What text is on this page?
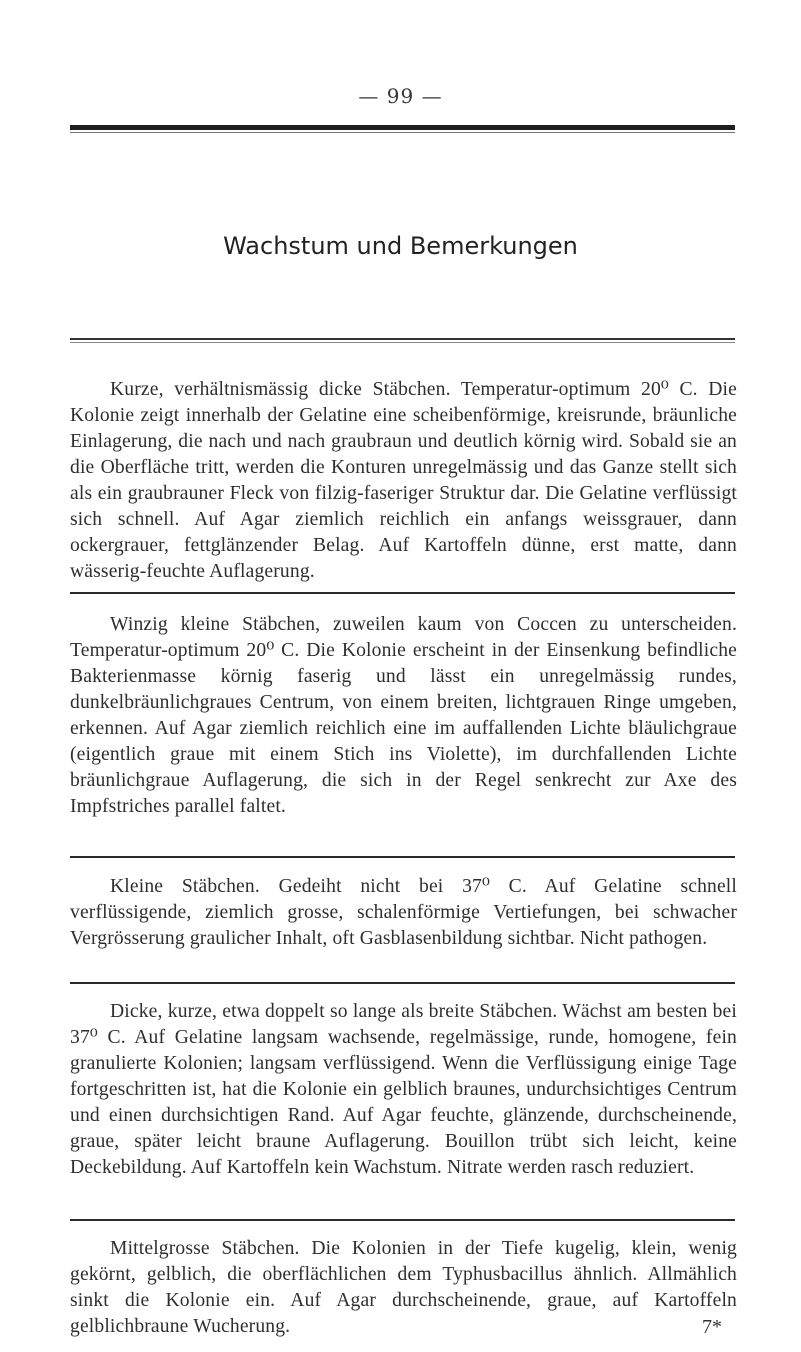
— 99 —
Wachstum und Bemerkungen
Kurze, verhältnismässig dicke Stäbchen. Temperatur-optimum 20⁰ C. Die Kolonie zeigt innerhalb der Gelatine eine scheibenförmige, kreisrunde, bräunliche Einlagerung, die nach und nach graubraun und deutlich körnig wird. Sobald sie an die Oberfläche tritt, werden die Konturen unregelmässig und das Ganze stellt sich als ein graubrauner Fleck von filzig-faseriger Struktur dar. Die Gelatine verflüssigt sich schnell. Auf Agar ziemlich reichlich ein anfangs weissgrauer, dann ockergrauer, fettglänzender Belag. Auf Kartoffeln dünne, erst matte, dann wässerig-feuchte Auflagerung.
Winzig kleine Stäbchen, zuweilen kaum von Coccen zu unterscheiden. Temperatur-optimum 20⁰ C. Die Kolonie erscheint in der Einsenkung befindliche Bakterienmasse körnig faserig und lässt ein unregelmässig rundes, dunkelbräunlichgraues Centrum, von einem breiten, lichtgrauen Ringe umgeben, erkennen. Auf Agar ziemlich reichlich eine im auffallenden Lichte bläulichgraue (eigentlich graue mit einem Stich ins Violette), im durchfallenden Lichte bräunlichgraue Auflagerung, die sich in der Regel senkrecht zur Axe des Impfstriches parallel faltet.
Kleine Stäbchen. Gedeiht nicht bei 37⁰ C. Auf Gelatine schnell verflüssigende, ziemlich grosse, schalenförmige Vertiefungen, bei schwacher Vergrösserung graulicher Inhalt, oft Gasblasenbildung sichtbar. Nicht pathogen.
Dicke, kurze, etwa doppelt so lange als breite Stäbchen. Wächst am besten bei 37⁰ C. Auf Gelatine langsam wachsende, regelmässige, runde, homogene, fein granulierte Kolonien; langsam verflüssigend. Wenn die Verflüssigung einige Tage fortgeschritten ist, hat die Kolonie ein gelblich braunes, undurchsichtiges Centrum und einen durchsichtigen Rand. Auf Agar feuchte, glänzende, durchscheinende, graue, später leicht braune Auflagerung. Bouillon trübt sich leicht, keine Deckebildung. Auf Kartoffeln kein Wachstum. Nitrate werden rasch reduziert.
Mittelgrosse Stäbchen. Die Kolonien in der Tiefe kugelig, klein, wenig gekörnt, gelblich, die oberflächlichen dem Typhusbacillus ähnlich. Allmählich sinkt die Kolonie ein. Auf Agar durchscheinende, graue, auf Kartoffeln gelblichbraune Wucherung.	7*
